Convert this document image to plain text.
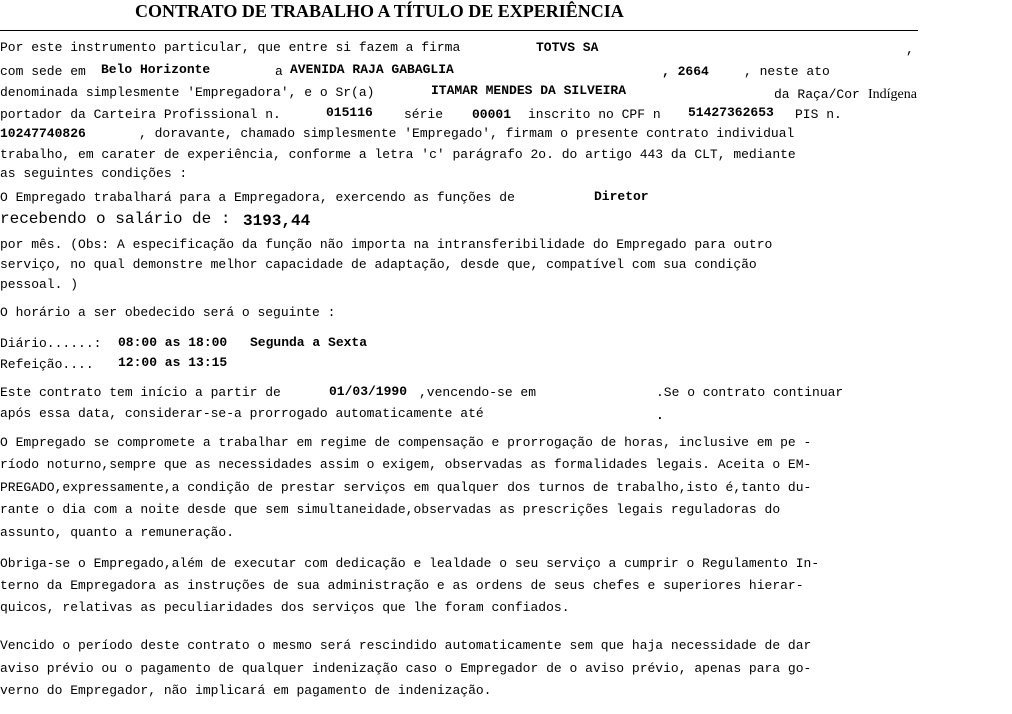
CONTRATO DE TRABALHO A TÍTULO DE EXPERIÊNCIA
Por este instrumento particular, que entre si fazem a firma	TOTVS SA	,
com sede em Belo Horizonte	a AVENIDA RAJA GABAGLIA	, 2664	, neste ato
denominada simplesmente 'Empregadora', e o Sr(a)	ITAMAR MENDES DA SILVEIRA	da Raça/Cor Indígena
portador da Carteira Profissional n.	015116 série 00001 inscrito no CPF n 51427362653 PIS n.
10247740826	, doravante, chamado simplesmente 'Empregado', firmam o presente contrato individual
trabalho, em carater de experiência, conforme a letra 'c' parágrafo 2o. do artigo 443 da CLT, mediante
as seguintes condições :
O Empregado trabalhará para a Empregadora, exercendo as funções de	Diretor
recebendo o salário de : 3193,44
por mês. (Obs: A especificação da função não importa na intransferibilidade do Empregado para outro
serviço, no qual demonstre melhor capacidade de adaptação, desde que, compatível com sua condição
pessoal. )
O horário a ser obedecido será o seguinte :
Diário......: 08:00 as 18:00 Segunda a Sexta
Refeição.... 12:00 as 13:15
Este contrato tem início a partir de	01/03/1990 ,vencendo-se em	.Se o contrato continuar
após essa data, considerar-se-a prorrogado automaticamente até	.
O Empregado se compromete a trabalhar em regime de compensação e prorrogação de horas, inclusive em pe -
ríodo noturno,sempre que as necessidades assim o exigem, observadas as formalidades legais. Aceita o EM-
PREGADO,expressamente,a condição de prestar serviços em qualquer dos turnos de trabalho,isto é,tanto du-
rante o dia com a noite desde que sem simultaneidade,observadas as prescrições legais reguladoras do
assunto, quanto a remuneração.
Obriga-se o Empregado,além de executar com dedicação e lealdade o seu serviço a cumprir o Regulamento In-
terno da Empregadora as instruções de sua administração e as ordens de seus chefes e superiores hierar-
quicos, relativas as peculiaridades dos serviços que lhe foram confiados.
Vencido o período deste contrato o mesmo será rescindido automaticamente sem que haja necessidade de dar
aviso prévio ou o pagamento de qualquer indenização caso o Empregador de o aviso prévio, apenas para go-
verno do Empregador, não implicará em pagamento de indenização.
